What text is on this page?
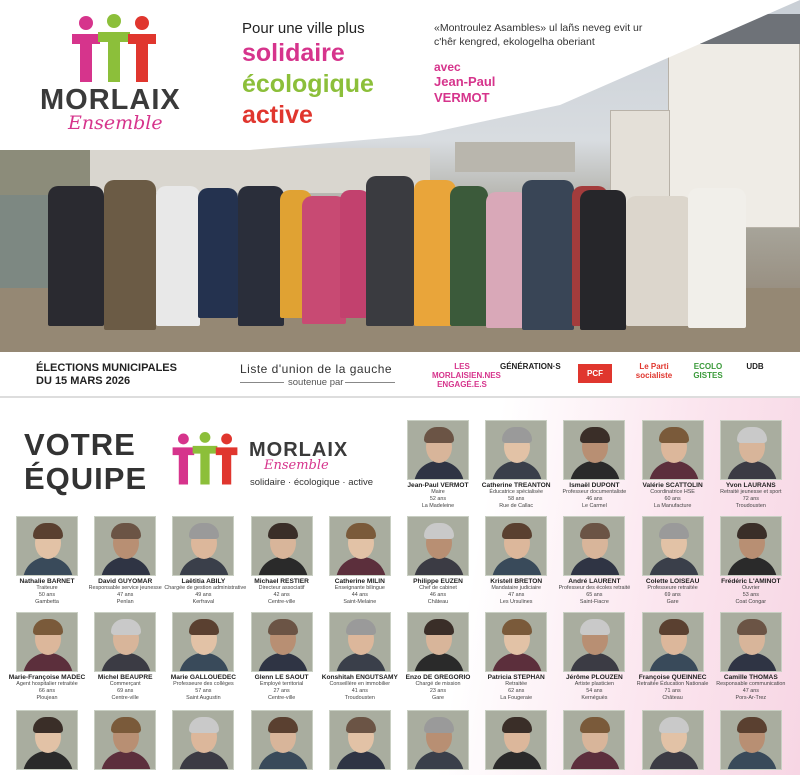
MORLAIX
Ensemble
Pour une ville plus
solidaire
écologique
active
«Montroulez Asambles» ul lañs neveg evit ur c'hêr kengred, ekologelha oberiant
avec
Jean-Paul
VERMOT
ÉLECTIONS MUNICIPALES
DU 15 MARS 2026
Liste d'union de la gauche
soutenue par
LES MORLAISIEN.NES ENGAGÉ.E.S
GÉNÉRATION·S
PCF
Le Parti socialiste
ECOLO GISTES
UDB
VOTRE
ÉQUIPE
MORLAIX
Ensemble
solidaire · écologique · active	Jean-Paul VERMOT
Maire
52 ans
La Madeleine
Catherine TREANTON
Éducatrice spécialisée
58 ans
Rue de Callac
Ismaël DUPONT
Professeur documentaliste
46 ans
Le Carmel
Valérie SCATTOLIN
Coordinatrice HSE
60 ans
La Manufacture
Yvon LAURANS
Retraité jeunesse et sport
72 ans
Troudousten
Nathalie BARNET
Traiteure
50 ans
Gambetta
David GUYOMAR
Responsable service jeunesse
47 ans
Penlan
Laëtitia ABILY
Chargée de gestion administrative
49 ans
Kerfraval
Michael RESTIER
Directeur associatif
42 ans
Centre-ville
Catherine MILIN
Enseignante bilingue
44 ans
Saint-Melaine
Philippe EUZEN
Chef de cabinet
46 ans
Château
Kristell BRETON
Mandataire judiciaire
47 ans
Les Ursulines
André LAURENT
Professeur des écoles retraité
65 ans
Saint-Fiacre
Colette LOISEAU
Professeure retraitée
69 ans
Gare
Frédéric L'AMINOT
Ouvrier
53 ans
Coat Congar
Marie-Françoise MADEC
Agent hospitalier retraitée
66 ans
Ploujean
Michel BEAUPRE
Commerçant
69 ans
Centre-ville
Marie GALLOUEDEC
Professeure des collèges
57 ans
Saint Augustin
Glenn LE SAOUT
Employé territorial
27 ans
Centre-ville
Konshitah ENGUTSAMY
Conseillère en immobilier
41 ans
Troudousten
Enzo DE GREGORIO
Chargé de mission
23 ans
Gare
Patricia STEPHAN
Retraitée
62 ans
La Fougeraie
Jérôme PLOUZEN
Artiste plasticien
54 ans
Kernéguès
Françoise QUEINNEC
Retraitée Éducation Nationale
71 ans
Château
Camille THOMAS
Responsable communication
47 ans
Pors-Ar-Trez
